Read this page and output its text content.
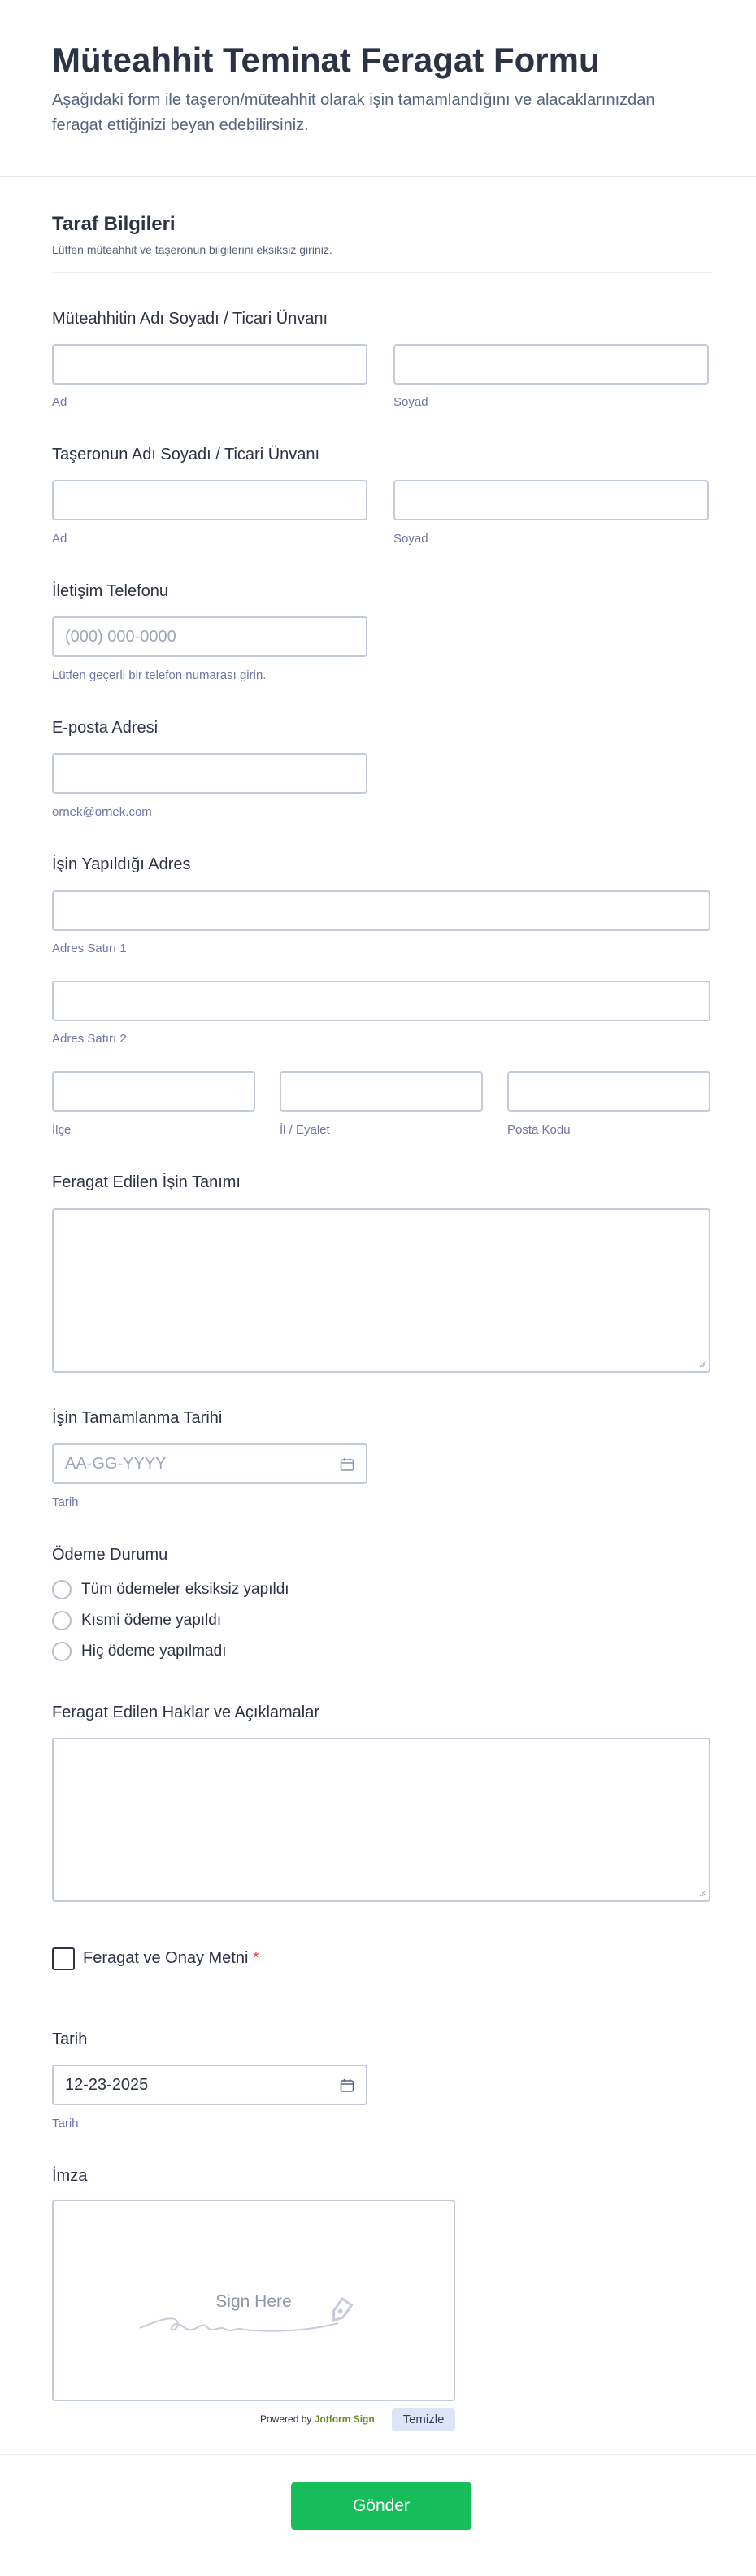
Müteahhit Teminat Feragat Formu
Aşağıdaki form ile taşeron/müteahhit olarak işin tamamlandığını ve alacaklarınızdan feragat ettiğinizi beyan edebilirsiniz.
Taraf Bilgileri
Lütfen müteahhit ve taşeronun bilgilerini eksiksiz giriniz.
Müteahhitin Adı Soyadı / Ticari Ünvanı
Ad	Soyad
Taşeronun Adı Soyadı / Ticari Ünvanı
Ad	Soyad
İletişim Telefonu
(000) 000-0000
Lütfen geçerli bir telefon numarası girin.
E-posta Adresi
ornek@ornek.com
İşin Yapıldığı Adres
Adres Satırı 1
Adres Satırı 2
İlçe	İl / Eyalet	Posta Kodu
Feragat Edilen İşin Tanımı
İşin Tamamlanma Tarihi
AA-GG-YYYY
Tarih
Ödeme Durumu
Tüm ödemeler eksiksiz yapıldı
Kısmi ödeme yapıldı
Hiç ödeme yapılmadı
Feragat Edilen Haklar ve Açıklamalar
Feragat ve Onay Metni *
Tarih
12-23-2025
Tarih
İmza
Sign Here
Powered by Jotform Sign	Temizle
Gönder
